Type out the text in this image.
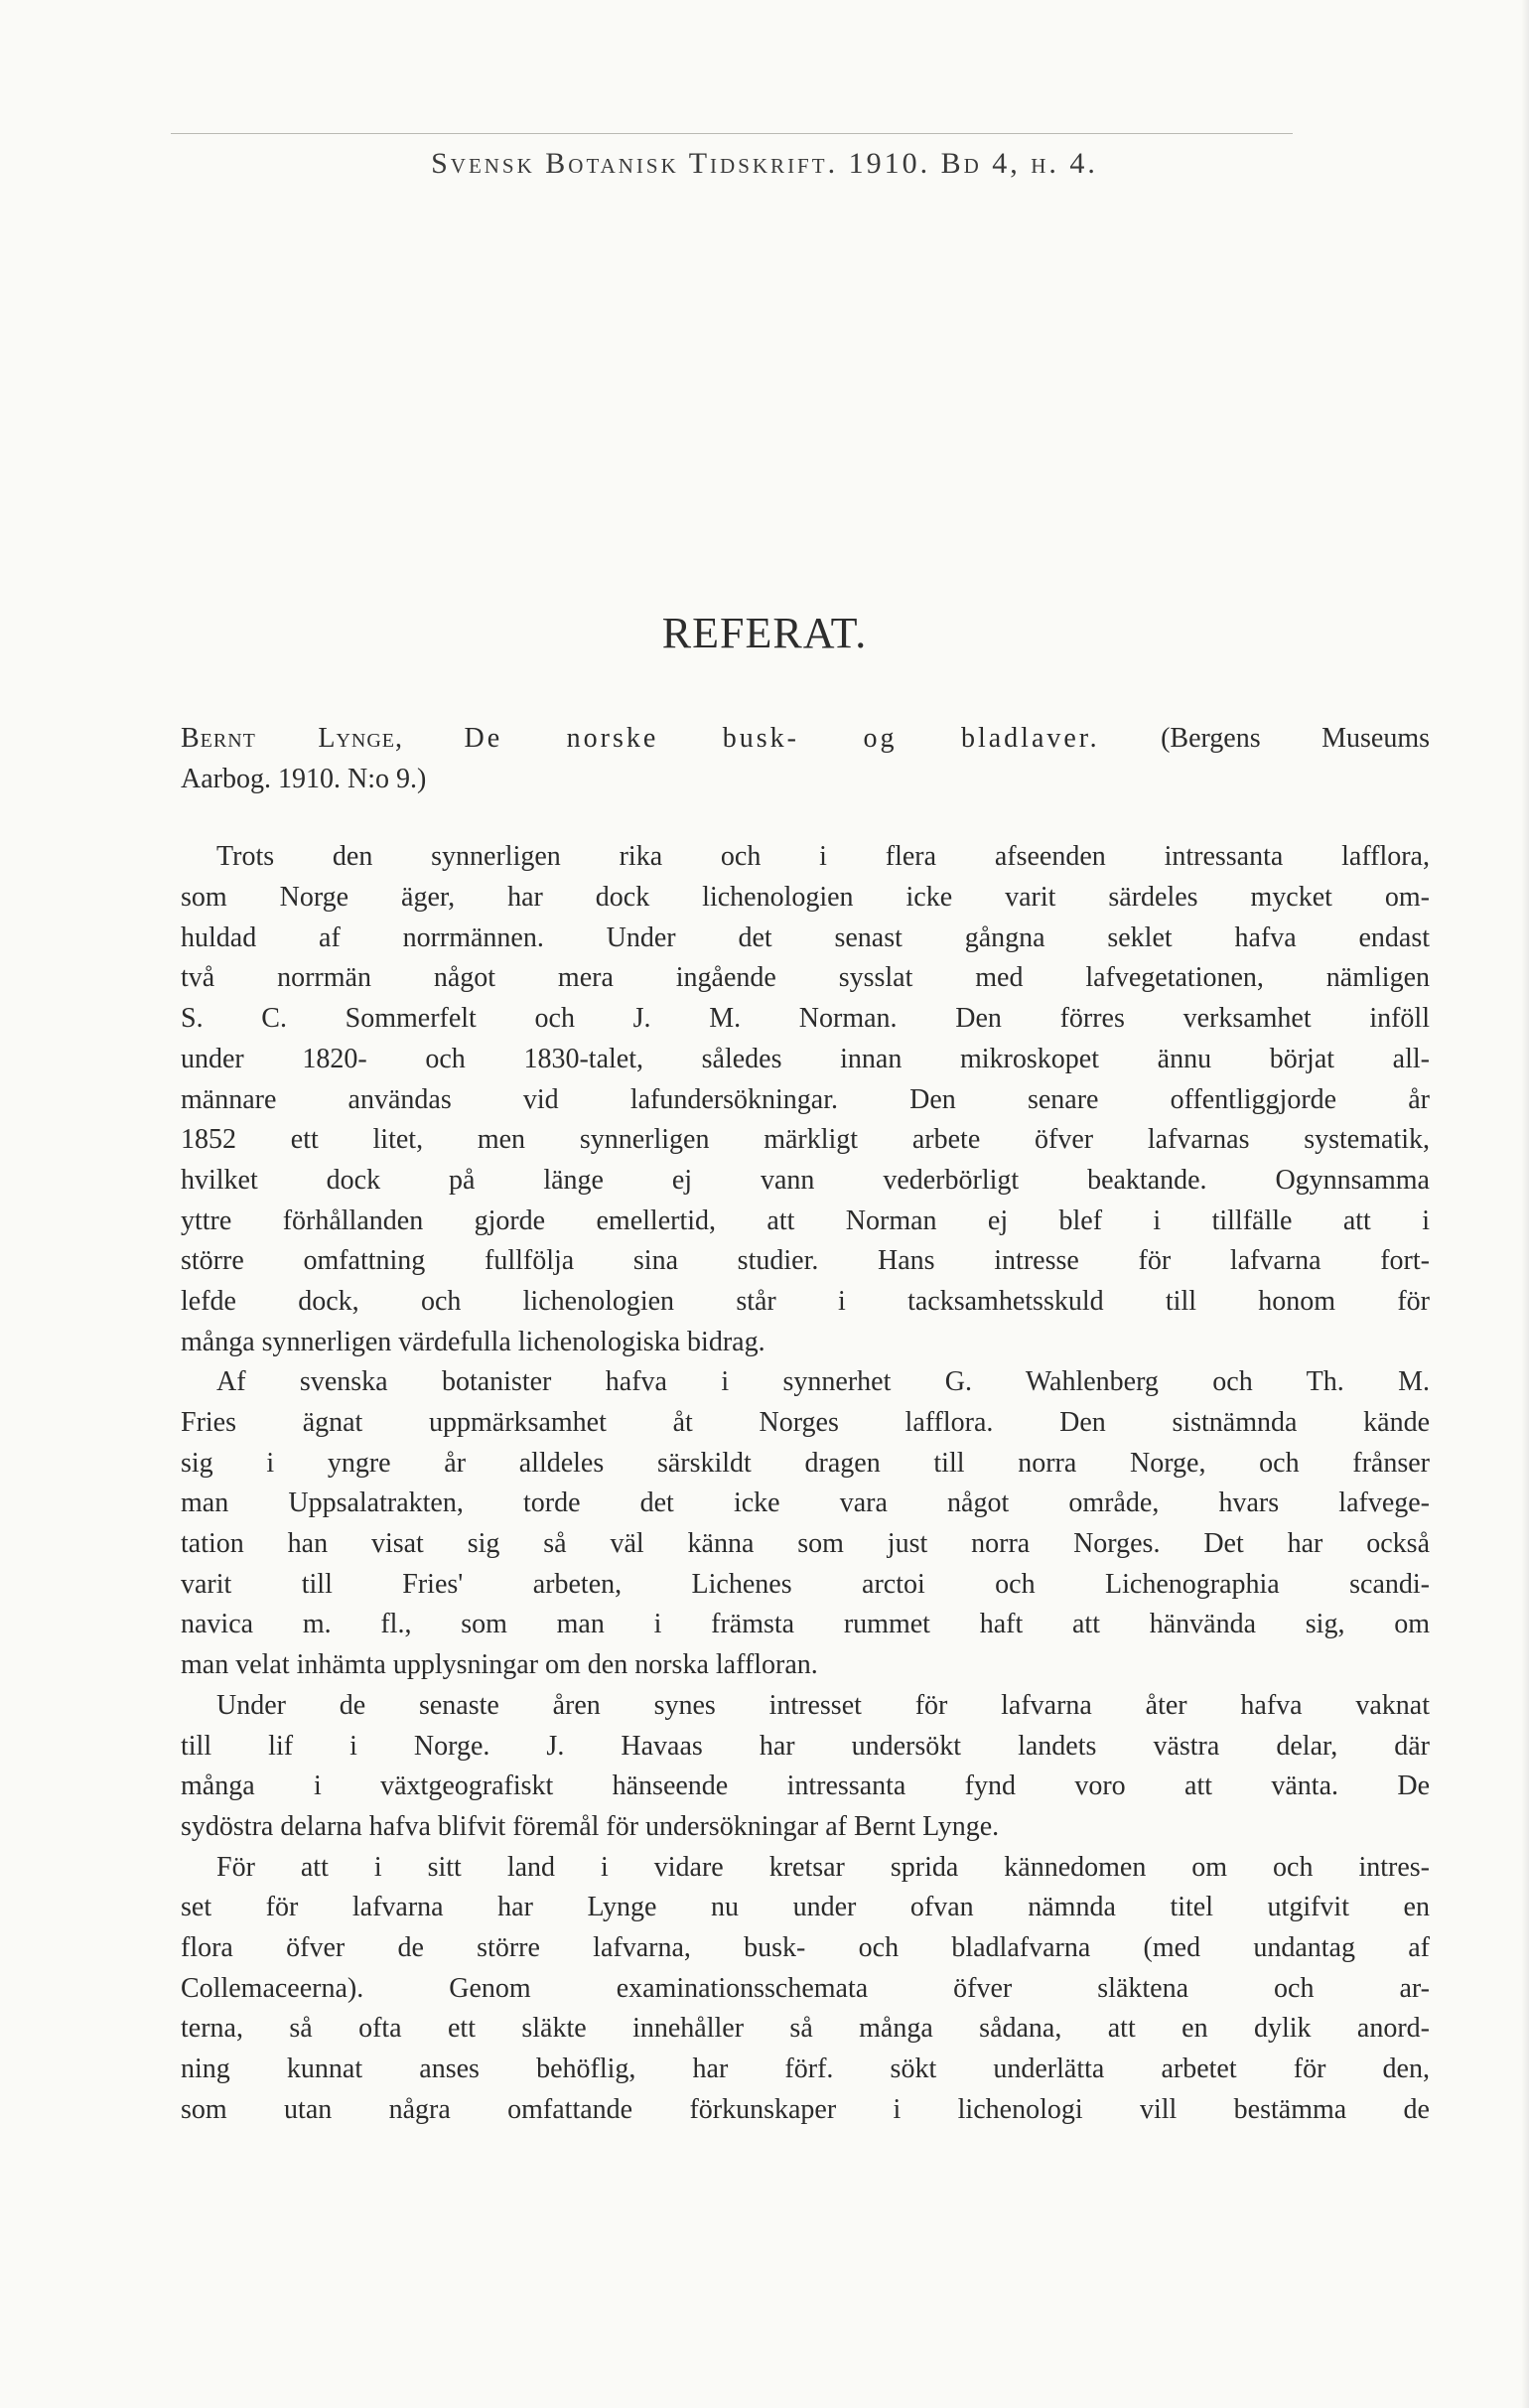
Svensk Botanisk Tidskrift. 1910. Bd 4, h. 4.
REFERAT.
Bernt Lynge, De norske busk- og bladlaver. (Bergens Museums
Aarbog. 1910. N:o 9.)
Trots den synnerligen rika och i flera afseenden intressanta lafflora,
som Norge äger, har dock lichenologien icke varit särdeles mycket om-
huldad af norrmännen. Under det senast gångna seklet hafva endast
två norrmän något mera ingående sysslat med lafvegetationen, nämligen
S. C. Sommerfelt och J. M. Norman. Den förres verksamhet inföll
under 1820- och 1830-talet, således innan mikroskopet ännu börjat all-
männare användas vid lafundersökningar. Den senare offentliggjorde år
1852 ett litet, men synnerligen märkligt arbete öfver lafvarnas systematik,
hvilket dock på länge ej vann vederbörligt beaktande. Ogynnsamma
yttre förhållanden gjorde emellertid, att Norman ej blef i tillfälle att i
större omfattning fullfölja sina studier. Hans intresse för lafvarna fort-
lefde dock, och lichenologien står i tacksamhetsskuld till honom för
många synnerligen värdefulla lichenologiska bidrag.
Af svenska botanister hafva i synnerhet G. Wahlenberg och Th. M.
Fries ägnat uppmärksamhet åt Norges lafflora. Den sistnämnda kände
sig i yngre år alldeles särskildt dragen till norra Norge, och frånser
man Uppsalatrakten, torde det icke vara något område, hvars lafvege-
tation han visat sig så väl känna som just norra Norges. Det har också
varit till Fries' arbeten, Lichenes arctoi och Lichenographia scandi-
navica m. fl., som man i främsta rummet haft att hänvända sig, om
man velat inhämta upplysningar om den norska laffloran.
Under de senaste åren synes intresset för lafvarna åter hafva vaknat
till lif i Norge. J. Havaas har undersökt landets västra delar, där
många i växtgeografiskt hänseende intressanta fynd voro att vänta. De
sydöstra delarna hafva blifvit föremål för undersökningar af Bernt Lynge.
För att i sitt land i vidare kretsar sprida kännedomen om och intres-
set för lafvarna har Lynge nu under ofvan nämnda titel utgifvit en
flora öfver de större lafvarna, busk- och bladlafvarna (med undantag af
Collemaceerna). Genom examinationsschemata öfver släktena och ar-
terna, så ofta ett släkte innehåller så många sådana, att en dylik anord-
ning kunnat anses behöflig, har förf. sökt underlätta arbetet för den,
som utan några omfattande förkunskaper i lichenologi vill bestämma de
